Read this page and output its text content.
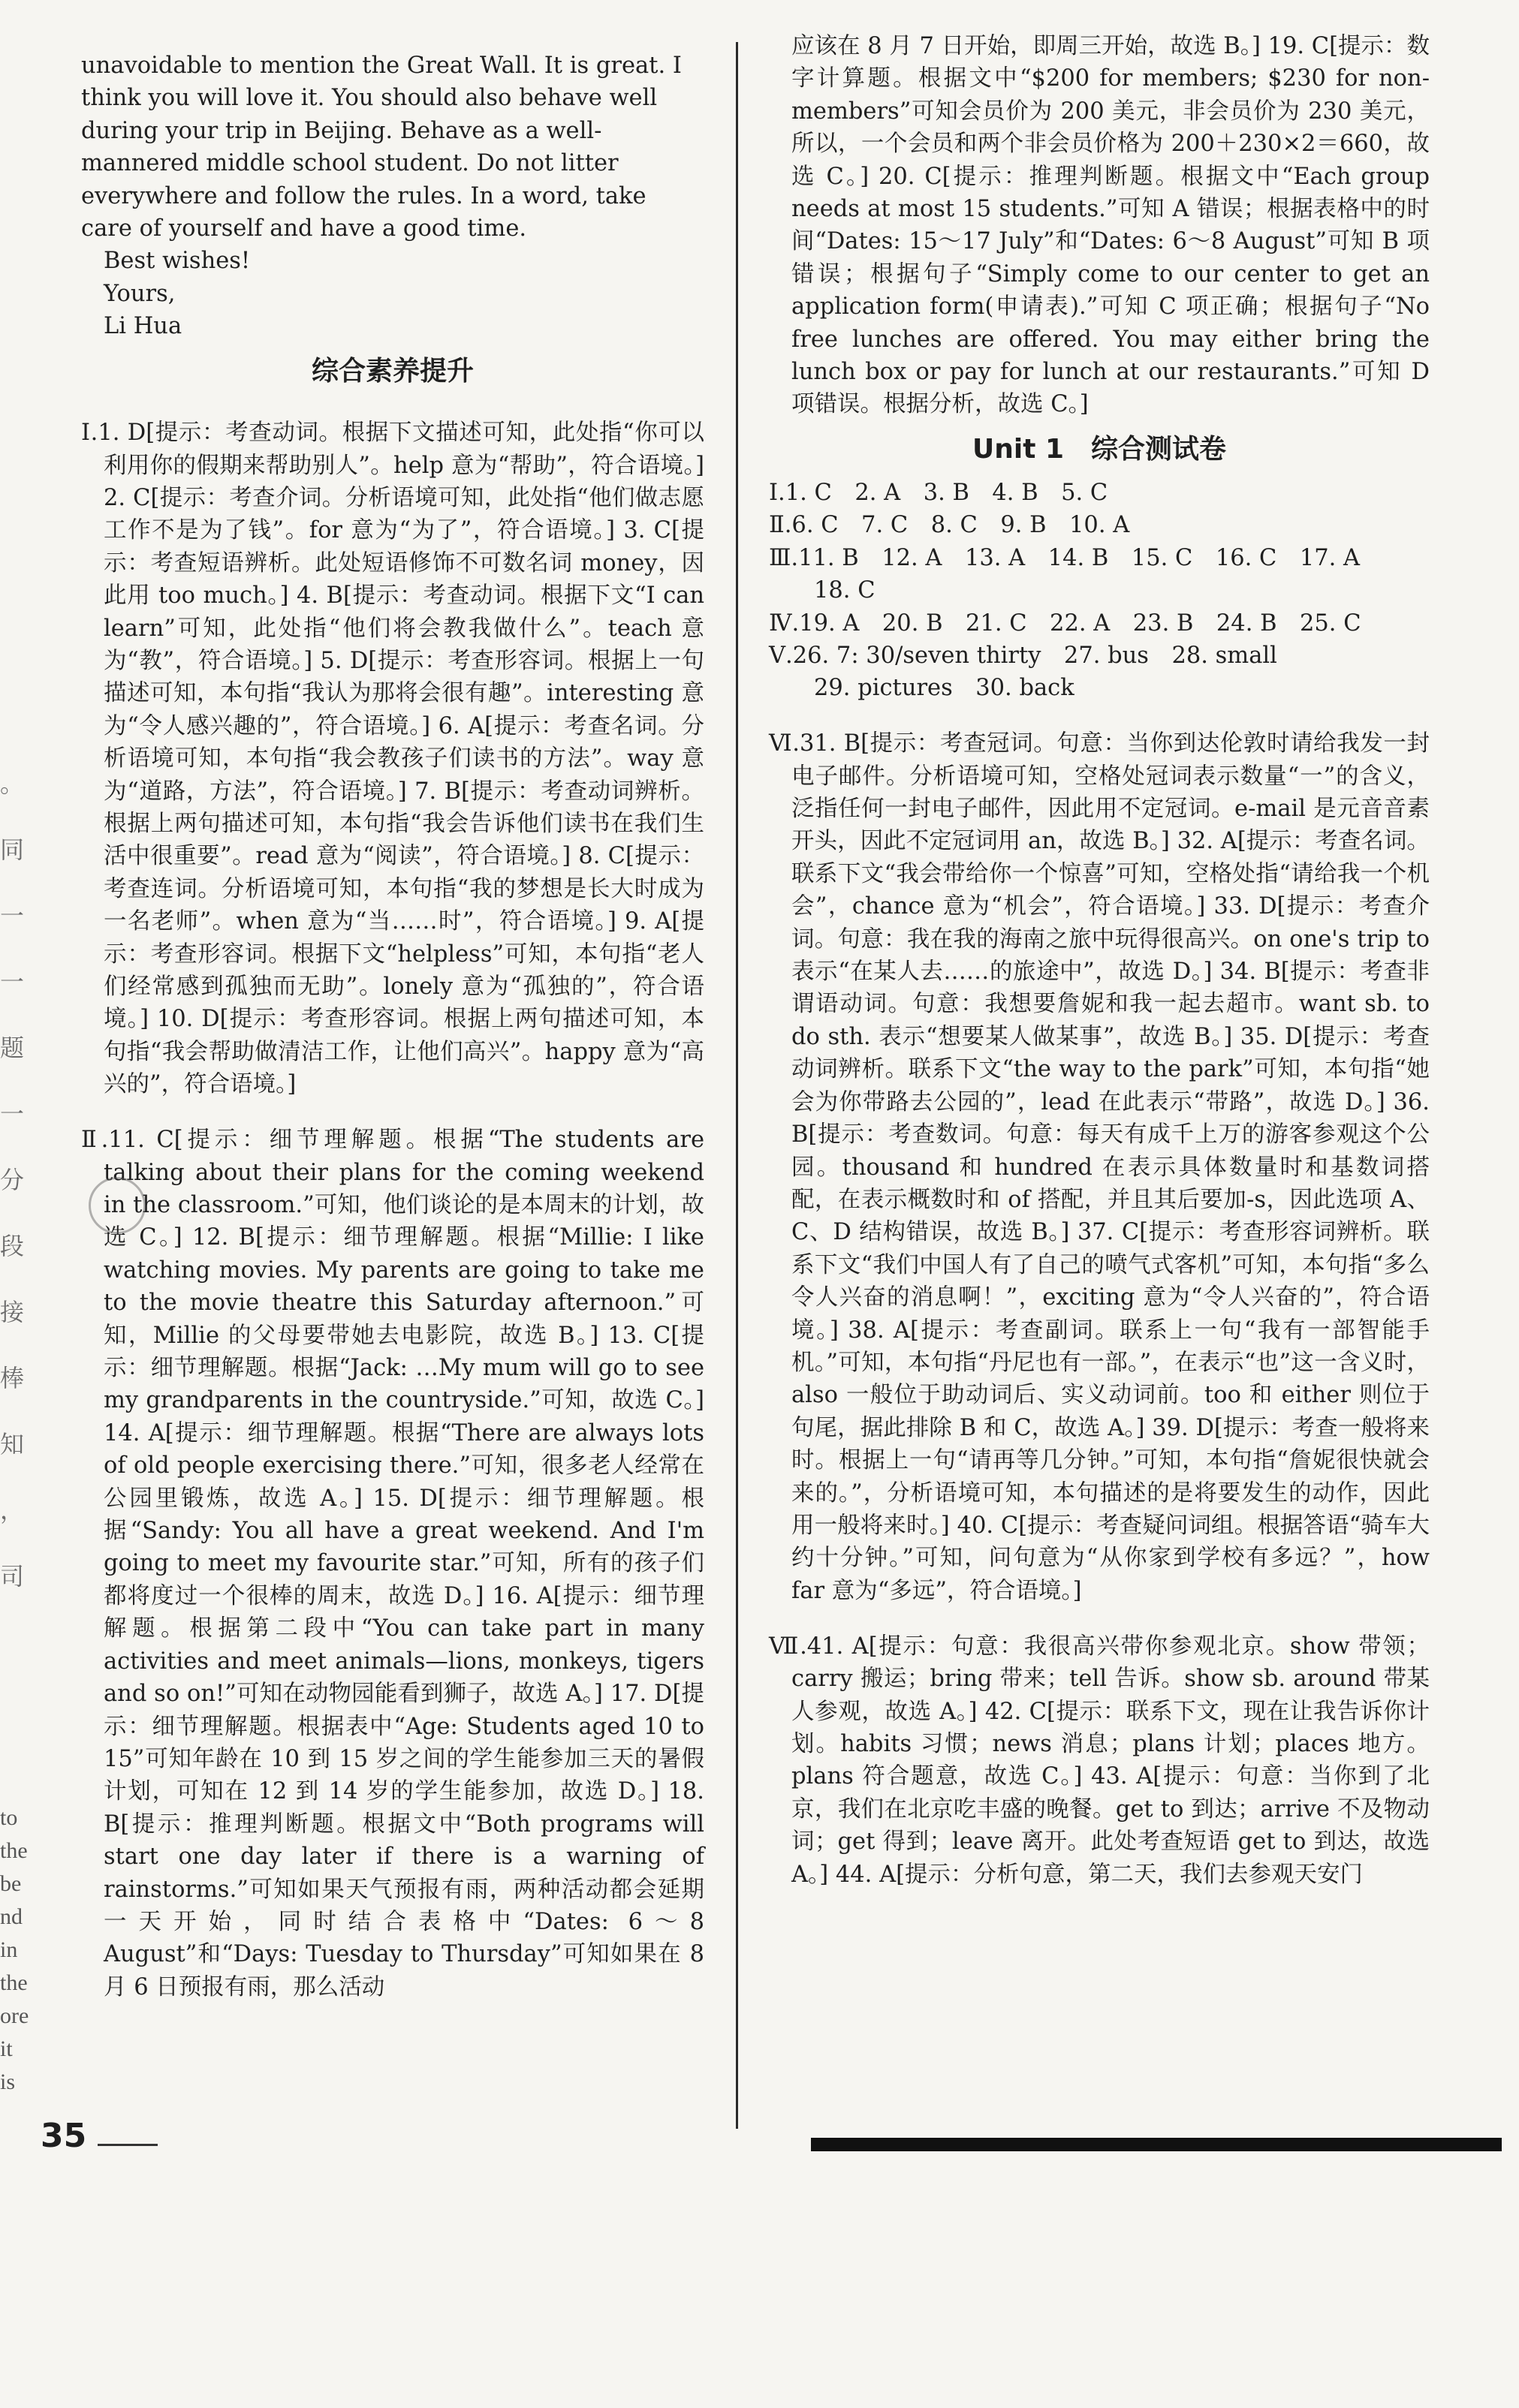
。
同
一
一
题
一
分
段
接
棒
知
，
司
to
the
be
nd
in
the
ore
it
is

unavoidable to mention the Great Wall. It is great. I

think you will love it. You should also behave well

during your trip in Beijing. Behave as a well-

mannered middle school student. Do not litter

everywhere and follow the rules. In a word, take

care of yourself and have a good time.

Best wishes!

Yours,

Li Hua

综合素养提升

Ⅰ.1. D[提示：考查动词。根据下文描述可知，此处指“你可以利用你的假期来帮助别人”。help 意为“帮助”，符合语境。] 2. C[提示：考查介词。分析语境可知，此处指“他们做志愿工作不是为了钱”。for 意为“为了”，符合语境。] 3. C[提示：考查短语辨析。此处短语修饰不可数名词 money，因此用 too much。] 4. B[提示：考查动词。根据下文“I can learn”可知，此处指“他们将会教我做什么”。teach 意为“教”，符合语境。] 5. D[提示：考查形容词。根据上一句描述可知，本句指“我认为那将会很有趣”。interesting 意为“令人感兴趣的”，符合语境。] 6. A[提示：考查名词。分析语境可知，本句指“我会教孩子们读书的方法”。way 意为“道路，方法”，符合语境。] 7. B[提示：考查动词辨析。根据上两句描述可知，本句指“我会告诉他们读书在我们生活中很重要”。read 意为“阅读”，符合语境。] 8. C[提示：考查连词。分析语境可知，本句指“我的梦想是长大时成为一名老师”。when 意为“当……时”，符合语境。] 9. A[提示：考查形容词。根据下文“helpless”可知，本句指“老人们经常感到孤独而无助”。lonely 意为“孤独的”，符合语境。] 10. D[提示：考查形容词。根据上两句描述可知，本句指“我会帮助做清洁工作，让他们高兴”。happy 意为“高兴的”，符合语境。]

Ⅱ.11. C[提示：细节理解题。根据“The students are talking about their plans for the coming weekend in the classroom.”可知，他们谈论的是本周末的计划，故选 C。] 12. B[提示：细节理解题。根据“Millie: I like watching movies. My parents are going to take me to the movie theatre this Saturday afternoon.”可知，Millie 的父母要带她去电影院，故选 B。] 13. C[提示：细节理解题。根据“Jack: …My mum will go to see my grandparents in the countryside.”可知，故选 C。] 14. A[提示：细节理解题。根据“There are always lots of old people exercising there.”可知，很多老人经常在公园里锻炼，故选 A。] 15. D[提示：细节理解题。根据“Sandy: You all have a great weekend. And I'm going to meet my favourite star.”可知，所有的孩子们都将度过一个很棒的周末，故选 D。] 16. A[提示：细节理解题。根据第二段中“You can take part in many activities and meet animals—lions, monkeys, tigers and so on!”可知在动物园能看到狮子，故选 A。] 17. D[提示：细节理解题。根据表中“Age: Students aged 10 to 15”可知年龄在 10 到 15 岁之间的学生能参加三天的暑假计划，可知在 12 到 14 岁的学生能参加，故选 D。] 18. B[提示：推理判断题。根据文中“Both programs will start one day later if there is a warning of rainstorms.”可知如果天气预报有雨，两种活动都会延期一天开始，同时结合表格中“Dates: 6～8 August”和“Days: Tuesday to Thursday”可知如果在 8 月 6 日预报有雨，那么活动

应该在 8 月 7 日开始，即周三开始，故选 B。] 19. C[提示：数字计算题。根据文中“$200 for members; $230 for non-members”可知会员价为 200 美元，非会员价为 230 美元，所以，一个会员和两个非会员价格为 200＋230×2＝660，故选 C。] 20. C[提示：推理判断题。根据文中“Each group needs at most 15 students.”可知 A 错误；根据表格中的时间“Dates: 15～17 July”和“Dates: 6～8 August”可知 B 项错误；根据句子“Simply come to our center to get an application form(申请表).”可知 C 项正确；根据句子“No free lunches are offered. You may either bring the lunch box or pay for lunch at our restaurants.”可知 D 项错误。根据分析，故选 C。]

Unit 1　综合测试卷

Ⅰ.1. C　2. A　3. B　4. B　5. C

Ⅱ.6. C　7. C　8. C　9. B　10. A

Ⅲ.11. B　12. A　13. A　14. B　15. C　16. C　17. A

18. C

Ⅳ.19. A　20. B　21. C　22. A　23. B　24. B　25. C

Ⅴ.26. 7: 30/seven thirty　27. bus　28. small

29. pictures　30. back

Ⅵ.31. B[提示：考查冠词。句意：当你到达伦敦时请给我发一封电子邮件。分析语境可知，空格处冠词表示数量“一”的含义，泛指任何一封电子邮件，因此用不定冠词。e-mail 是元音音素开头，因此不定冠词用 an，故选 B。] 32. A[提示：考查名词。联系下文“我会带给你一个惊喜”可知，空格处指“请给我一个机会”，chance 意为“机会”，符合语境。] 33. D[提示：考查介词。句意：我在我的海南之旅中玩得很高兴。on one's trip to 表示“在某人去……的旅途中”，故选 D。] 34. B[提示：考查非谓语动词。句意：我想要詹妮和我一起去超市。want sb. to do sth. 表示“想要某人做某事”，故选 B。] 35. D[提示：考查动词辨析。联系下文“the way to the park”可知，本句指“她会为你带路去公园的”，lead 在此表示“带路”，故选 D。] 36. B[提示：考查数词。句意：每天有成千上万的游客参观这个公园。thousand 和 hundred 在表示具体数量时和基数词搭配，在表示概数时和 of 搭配，并且其后要加-s，因此选项 A、C、D 结构错误，故选 B。] 37. C[提示：考查形容词辨析。联系下文“我们中国人有了自己的喷气式客机”可知，本句指“多么令人兴奋的消息啊！”，exciting 意为“令人兴奋的”，符合语境。] 38. A[提示：考查副词。联系上一句“我有一部智能手机。”可知，本句指“丹尼也有一部。”，在表示“也”这一含义时，also 一般位于助动词后、实义动词前。too 和 either 则位于句尾，据此排除 B 和 C，故选 A。] 39. D[提示：考查一般将来时。根据上一句“请再等几分钟。”可知，本句指“詹妮很快就会来的。”，分析语境可知，本句描述的是将要发生的动作，因此用一般将来时。] 40. C[提示：考查疑问词组。根据答语“骑车大约十分钟。”可知，问句意为“从你家到学校有多远？”，how far 意为“多远”，符合语境。]

Ⅶ.41. A[提示：句意：我很高兴带你参观北京。show 带领；carry 搬运；bring 带来；tell 告诉。show sb. around 带某人参观，故选 A。] 42. C[提示：联系下文，现在让我告诉你计划。habits 习惯；news 消息；plans 计划；places 地方。plans 符合题意，故选 C。] 43. A[提示：句意：当你到了北京，我们在北京吃丰盛的晚餐。get to 到达；arrive 不及物动词；get 得到；leave 离开。此处考查短语 get to 到达，故选 A。] 44. A[提示：分析句意，第二天，我们去参观天安门

35
